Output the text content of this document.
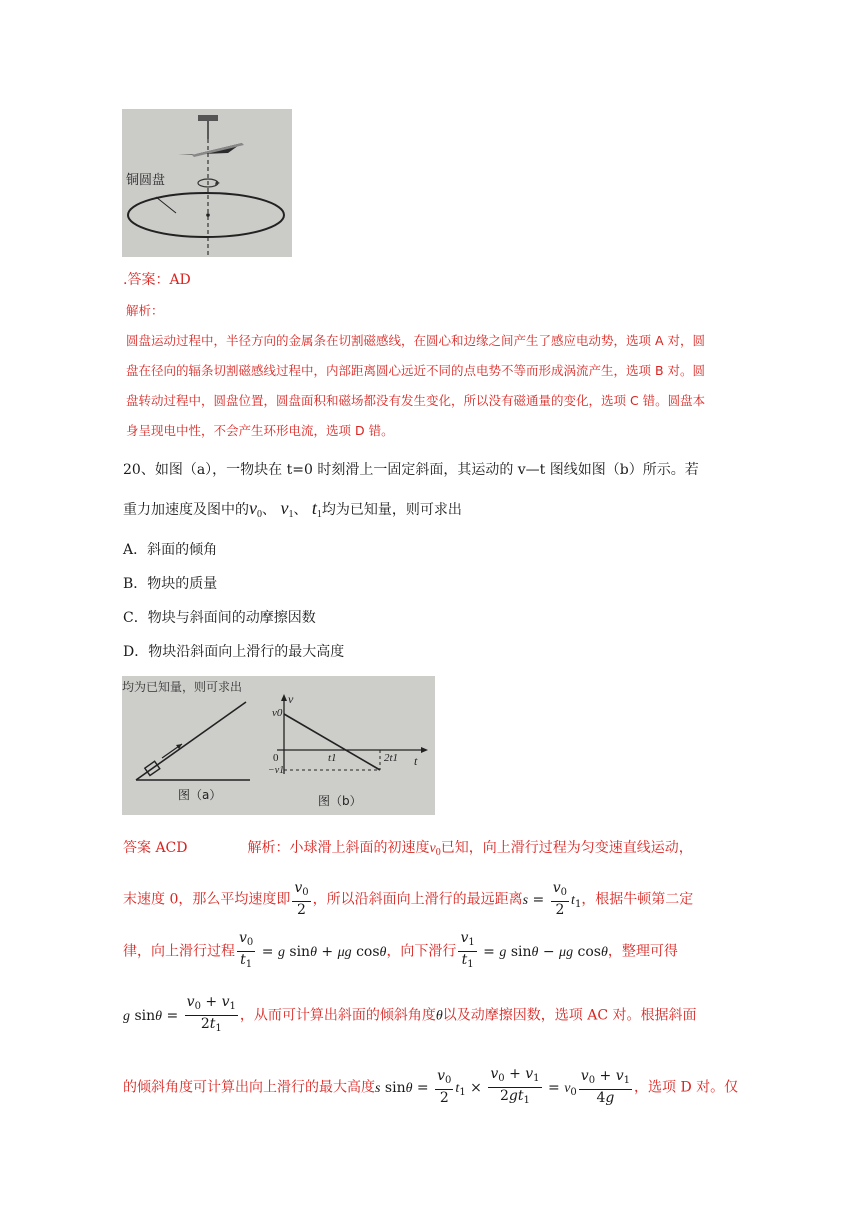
铜圆盘
.答案：AD
解析：
圆盘运动过程中，半径方向的金属条在切割磁感线，在圆心和边缘之间产生了感应电动势，选项 A 对，圆
盘在径向的辐条切割磁感线过程中，内部距离圆心远近不同的点电势不等而形成涡流产生，选项 B 对。圆
盘转动过程中，圆盘位置，圆盘面积和磁场都没有发生变化，所以没有磁通量的变化，选项 C 错。圆盘本
身呈现电中性，不会产生环形电流，选项 D 错。
20、如图（a），一物块在 t=0 时刻滑上一固定斜面，其运动的 v—t 图线如图（b）所示。若
重力加速度及图中的$v_0$、 $v_1$、 $t_1$均为已知量，则可求出
A．斜面的倾角
B．物块的质量
C．物块与斜面间的动摩擦因数
D．物块沿斜面向上滑行的最大高度
均为已知量，则可求出
图（a）	图（b）
v
t
v0
0
−v1
t1	2t1
答案 ACD	解析：小球滑上斜面的初速度$v_0$已知，向上滑行过程为匀变速直线运动，
末速度 0，那么平均速度即 $\frac{v_0}{2}$ ，所以沿斜面向上滑行的最远距离$s = \frac{v_0}{2} t_1$，根据牛顿第二定
律，向上滑行过程 $\frac{v_0}{t_1} = g$ sinθ + μg cosθ，向下滑行 $\frac{v_1}{t_1} = g$ sinθ − μg cosθ，整理可得
g $\sin\theta = \frac{v_0 + v_1}{2t_1}$ ，从而可计算出斜面的倾斜角度θ以及动摩擦因数，选项 AC 对。根据斜面
的倾斜角度可计算出向上滑行的最大高度s $\sin\theta = \frac{v_0}{2} t_1 \times \frac{v_0 + v_1}{2gt_1} = v_0 \frac{v_0 + v_1}{4g}$ ，选项 D 对。仅
